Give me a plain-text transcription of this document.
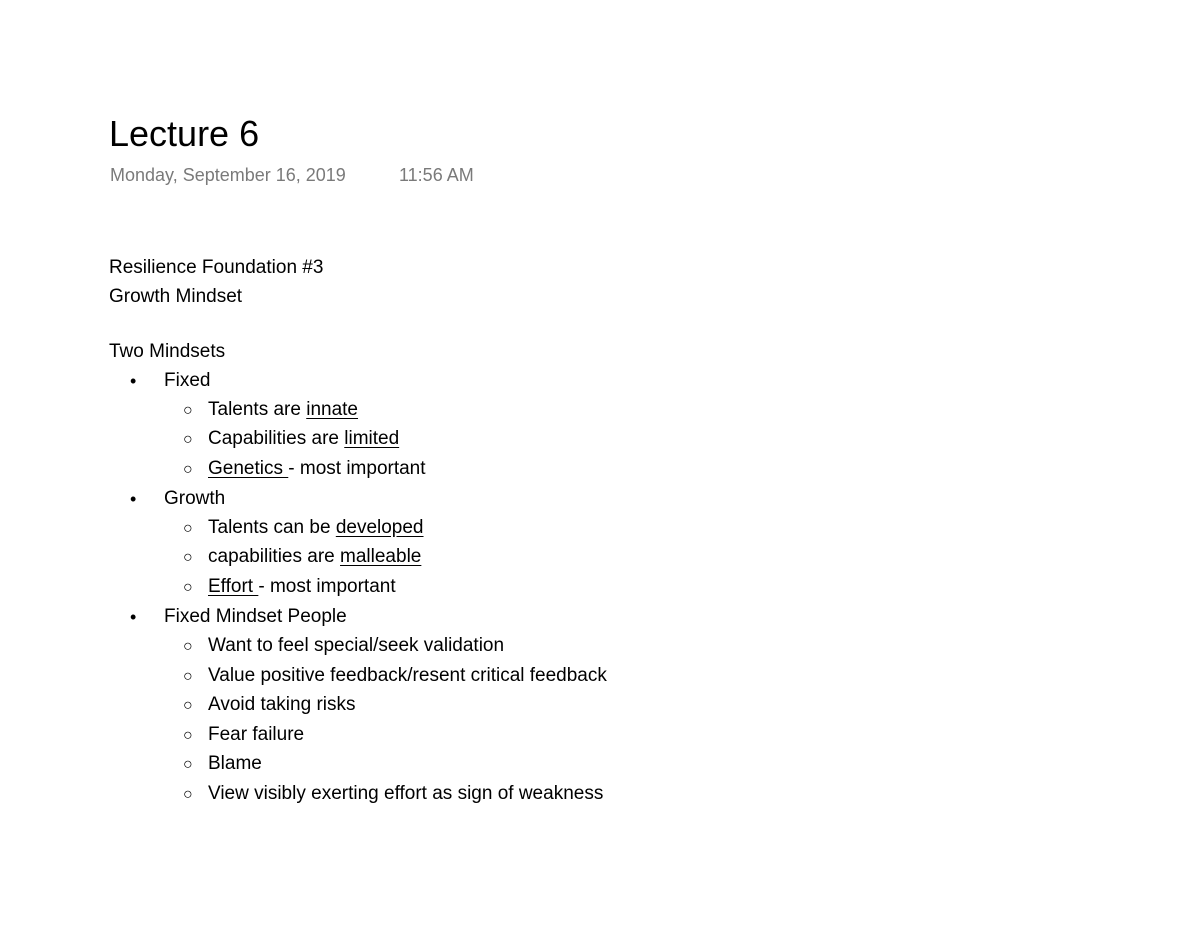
Lecture 6
Monday, September 16, 2019	11:56 AM
Resilience Foundation #3
Growth Mindset
Two Mindsets
• Fixed
○ Talents are innate
○ Capabilities are limited
○ Genetics - most important
• Growth
○ Talents can be developed
○ capabilities are malleable
○ Effort - most important
• Fixed Mindset People
○ Want to feel special/seek validation
○ Value positive feedback/resent critical feedback
○ Avoid taking risks
○ Fear failure
○ Blame
○ View visibly exerting effort as sign of weakness
